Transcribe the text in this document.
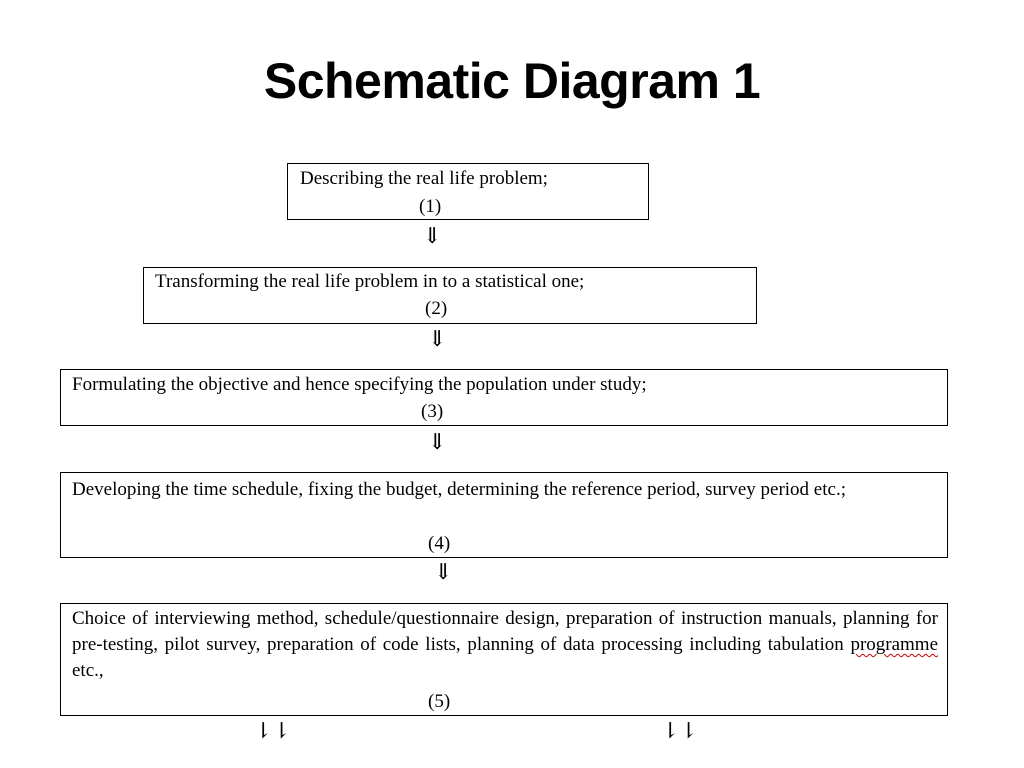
Schematic Diagram 1
Describing the real life problem;
(1)
⇓
Transforming the real life problem in to a statistical one;
(2)
⇓
Formulating the objective and hence specifying the population under study;
(3)
⇓
Developing the time schedule, fixing the budget, determining the reference period, survey period etc.;
(4)
⇓
Choice of interviewing method, schedule/questionnaire design, preparation of instruction manuals, planning for pre-testing, pilot survey, preparation of code lists, planning of data processing including tabulation programme etc.,
(5)
⇂⇂	⇂⇂
